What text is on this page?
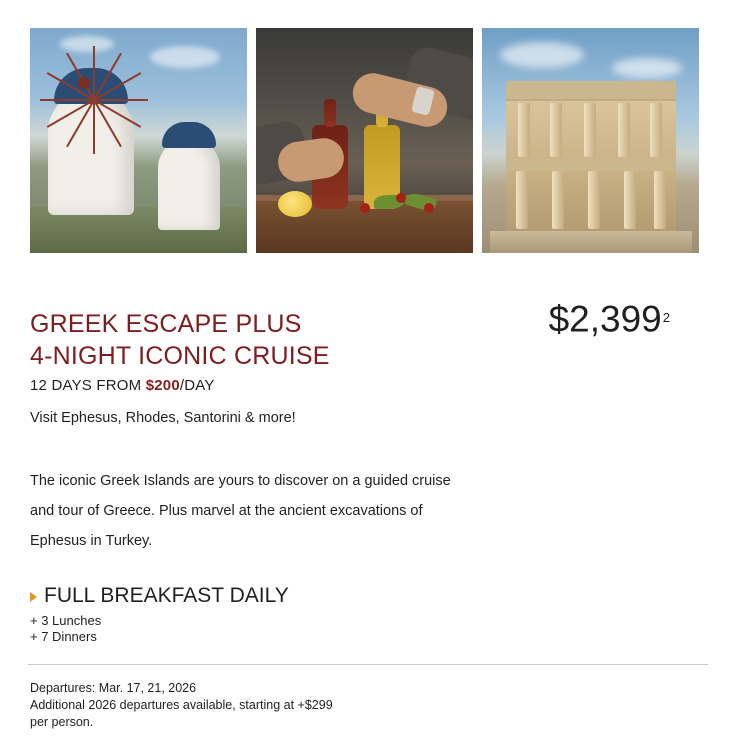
GREEK ESCAPE PLUS
4-NIGHT ICONIC CRUISE
$2,399$^2$
12 DAYS FROM $200/DAY
Visit Ephesus, Rhodes, Santorini & more!

The iconic Greek Islands are yours to discover on a guided cruise and tour of Greece. Plus marvel at the ancient excavations of Ephesus in Turkey.

FULL BREAKFAST DAILY
+ 3 Lunches
+ 7 Dinners
Departures: Mar. 17, 21, 2026
Additional 2026 departures available, starting at +$299
per person.
